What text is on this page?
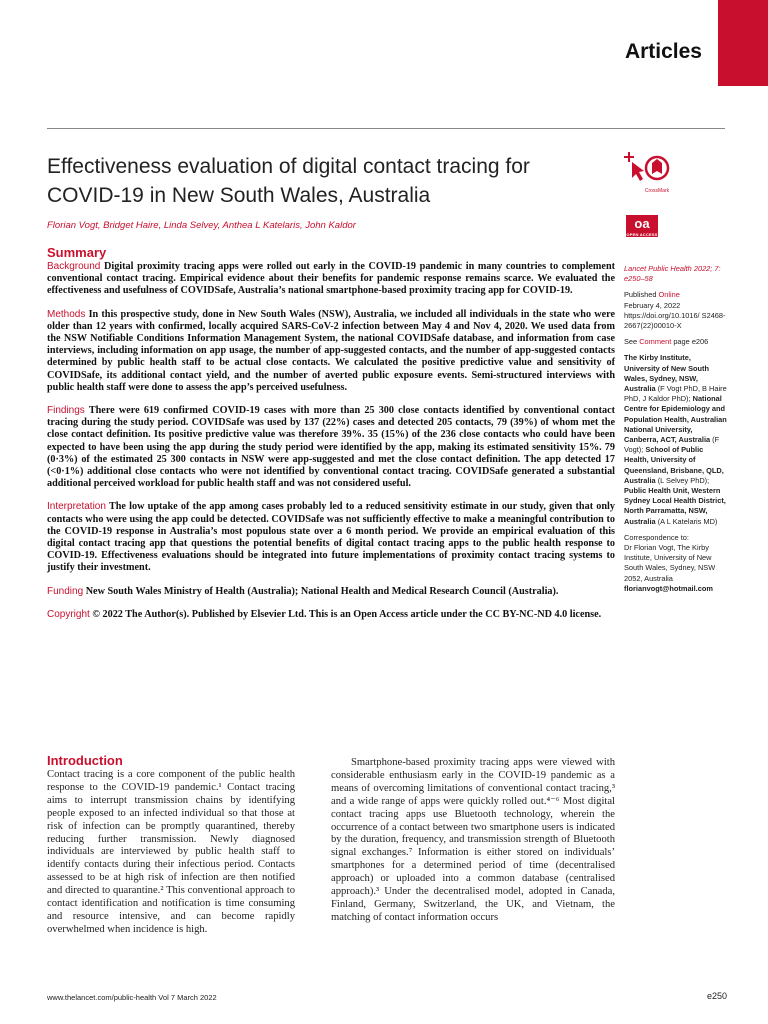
Articles
Effectiveness evaluation of digital contact tracing for COVID-19 in New South Wales, Australia
Florian Vogt, Bridget Haire, Linda Selvey, Anthea L Katelaris, John Kaldor
CrossMark
oa
OPEN ACCESS
Summary

Background Digital proximity tracing apps were rolled out early in the COVID-19 pandemic in many countries to complement conventional contact tracing. Empirical evidence about their benefits for pandemic response remains scarce. We evaluated the effectiveness and usefulness of COVIDSafe, Australia’s national smartphone-based proximity tracing app for COVID-19.

Methods In this prospective study, done in New South Wales (NSW), Australia, we included all individuals in the state who were older than 12 years with confirmed, locally acquired SARS-CoV-2 infection between May 4 and Nov 4, 2020. We used data from the NSW Notifiable Conditions Information Management System, the national COVIDSafe database, and information from case interviews, including information on app usage, the number of app-suggested contacts, and the number of app-suggested contacts determined by public health staff to be actual close contacts. We calculated the positive predictive value and sensitivity of COVIDSafe, its additional contact yield, and the number of averted public exposure events. Semi-structured interviews with public health staff were done to assess the app’s perceived usefulness.

Findings There were 619 confirmed COVID-19 cases with more than 25 300 close contacts identified by conventional contact tracing during the study period. COVIDSafe was used by 137 (22%) cases and detected 205 contacts, 79 (39%) of whom met the close contact definition. Its positive predictive value was therefore 39%. 35 (15%) of the 236 close contacts who could have been expected to have been using the app during the study period were identified by the app, making its estimated sensitivity 15%. 79 (0·3%) of the estimated 25 300 contacts in NSW were app-suggested and met the close contact definition. The app detected 17 (<0·1%) additional close contacts who were not identified by conventional contact tracing. COVIDSafe generated a substantial additional perceived workload for public health staff and was not considered useful.

Interpretation The low uptake of the app among cases probably led to a reduced sensitivity estimate in our study, given that only contacts who were using the app could be detected. COVIDSafe was not sufficiently effective to make a meaningful contribution to the COVID-19 response in Australia’s most populous state over a 6 month period. We provide an empirical evaluation of this digital contact tracing app that questions the potential benefits of digital contact tracing apps to the public health response to COVID-19. Effectiveness evaluations should be integrated into future implementations of proximity contact tracing systems to justify their investment.

Funding New South Wales Ministry of Health (Australia); National Health and Medical Research Council (Australia).

Copyright © 2022 The Author(s). Published by Elsevier Ltd. This is an Open Access article under the CC BY-NC-ND 4.0 license.

Lancet Public Health 2022; 7: e250–58

Published Online
February 4, 2022
https://doi.org/10.1016/ S2468-2667(22)00010-X

See Comment page e206

The Kirby Institute, University of New South Wales, Sydney, NSW, Australia (F Vogt PhD, B Haire PhD, J Kaldor PhD); National Centre for Epidemiology and Population Health, Australian National University, Canberra, ACT, Australia (F Vogt); School of Public Health, University of Queensland, Brisbane, QLD, Australia (L Selvey PhD); Public Health Unit, Western Sydney Local Health District, North Parramatta, NSW, Australia (A L Katelaris MD)

Correspondence to:
Dr Florian Vogt, The Kirby Institute, University of New South Wales, Sydney, NSW 2052, Australia
florianvogt@hotmail.com

Introduction

Contact tracing is a core component of the public health response to the COVID-19 pandemic.¹ Contact tracing aims to interrupt transmission chains by identifying people exposed to an infected individual so that those at risk of infection can be promptly quarantined, thereby reducing further transmission. Newly diagnosed individuals are interviewed by public health staff to identify contacts during their infectious period. Contacts assessed to be at high risk of infection are then notified and directed to quarantine.² This conventional approach to contact identification and notification is time consuming and resource intensive, and can become rapidly overwhelmed when incidence is high.

Smartphone-based proximity tracing apps were viewed with considerable enthusiasm early in the COVID-19 pandemic as a means of overcoming limitations of conventional contact tracing,³ and a wide range of apps were quickly rolled out.⁴⁻⁶ Most digital contact tracing apps use Bluetooth technology, wherein the occurrence of a contact between two smartphone users is indicated by the duration, frequency, and transmission strength of Bluetooth signal exchanges.⁷ Information is either stored on individuals’ smartphones for a determined period of time (decentralised approach) or uploaded into a common database (centralised approach).³ Under the decentralised model, adopted in Canada, Finland, Germany, Switzerland, the UK, and Vietnam, the matching of contact information occurs

www.thelancet.com/public-health Vol 7 March 2022	e250
